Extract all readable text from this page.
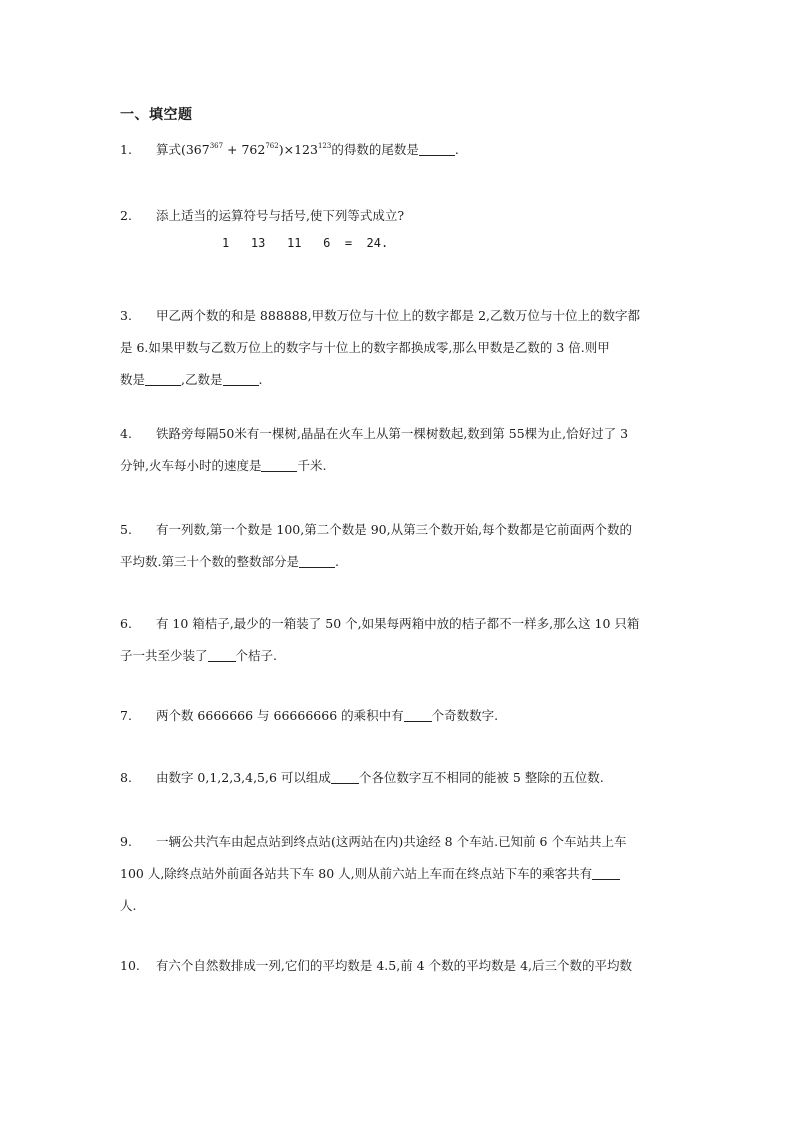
一、填空题
1. 算式$(367^{367} + 762^{762})\times 123^{123}$的得数的尾数是	.
2. 添上适当的运算符号与括号,使下列等式成立?
1   13   11   6  =  24.
3. 甲乙两个数的和是 888888,甲数万位与十位上的数字都是 2,乙数万位与十位上的数字都
是 6.如果甲数与乙数万位上的数字与十位上的数字都换成零,那么甲数是乙数的 3 倍.则甲
数是	,乙数是	.
4. 铁路旁每隔50米有一棵树,晶晶在火车上从第一棵树数起,数到第 55棵为止,恰好过了 3
分钟,火车每小时的速度是	千米.
5. 有一列数,第一个数是 100,第二个数是 90,从第三个数开始,每个数都是它前面两个数的
平均数.第三十个数的整数部分是	.
6. 有 10 箱桔子,最少的一箱装了 50 个,如果每两箱中放的桔子都不一样多,那么这 10 只箱
子一共至少装了 个桔子.
7. 两个数 6666666 与 66666666 的乘积中有 个奇数数字.
8. 由数字 0,1,2,3,4,5,6 可以组成 个各位数字互不相同的能被 5 整除的五位数.
9. 一辆公共汽车由起点站到终点站(这两站在内)共途经 8 个车站.已知前 6 个车站共上车
100 人,除终点站外前面各站共下车 80 人,则从前六站上车而在终点站下车的乘客共有
人.
10. 有六个自然数排成一列,它们的平均数是 4.5,前 4 个数的平均数是 4,后三个数的平均数
